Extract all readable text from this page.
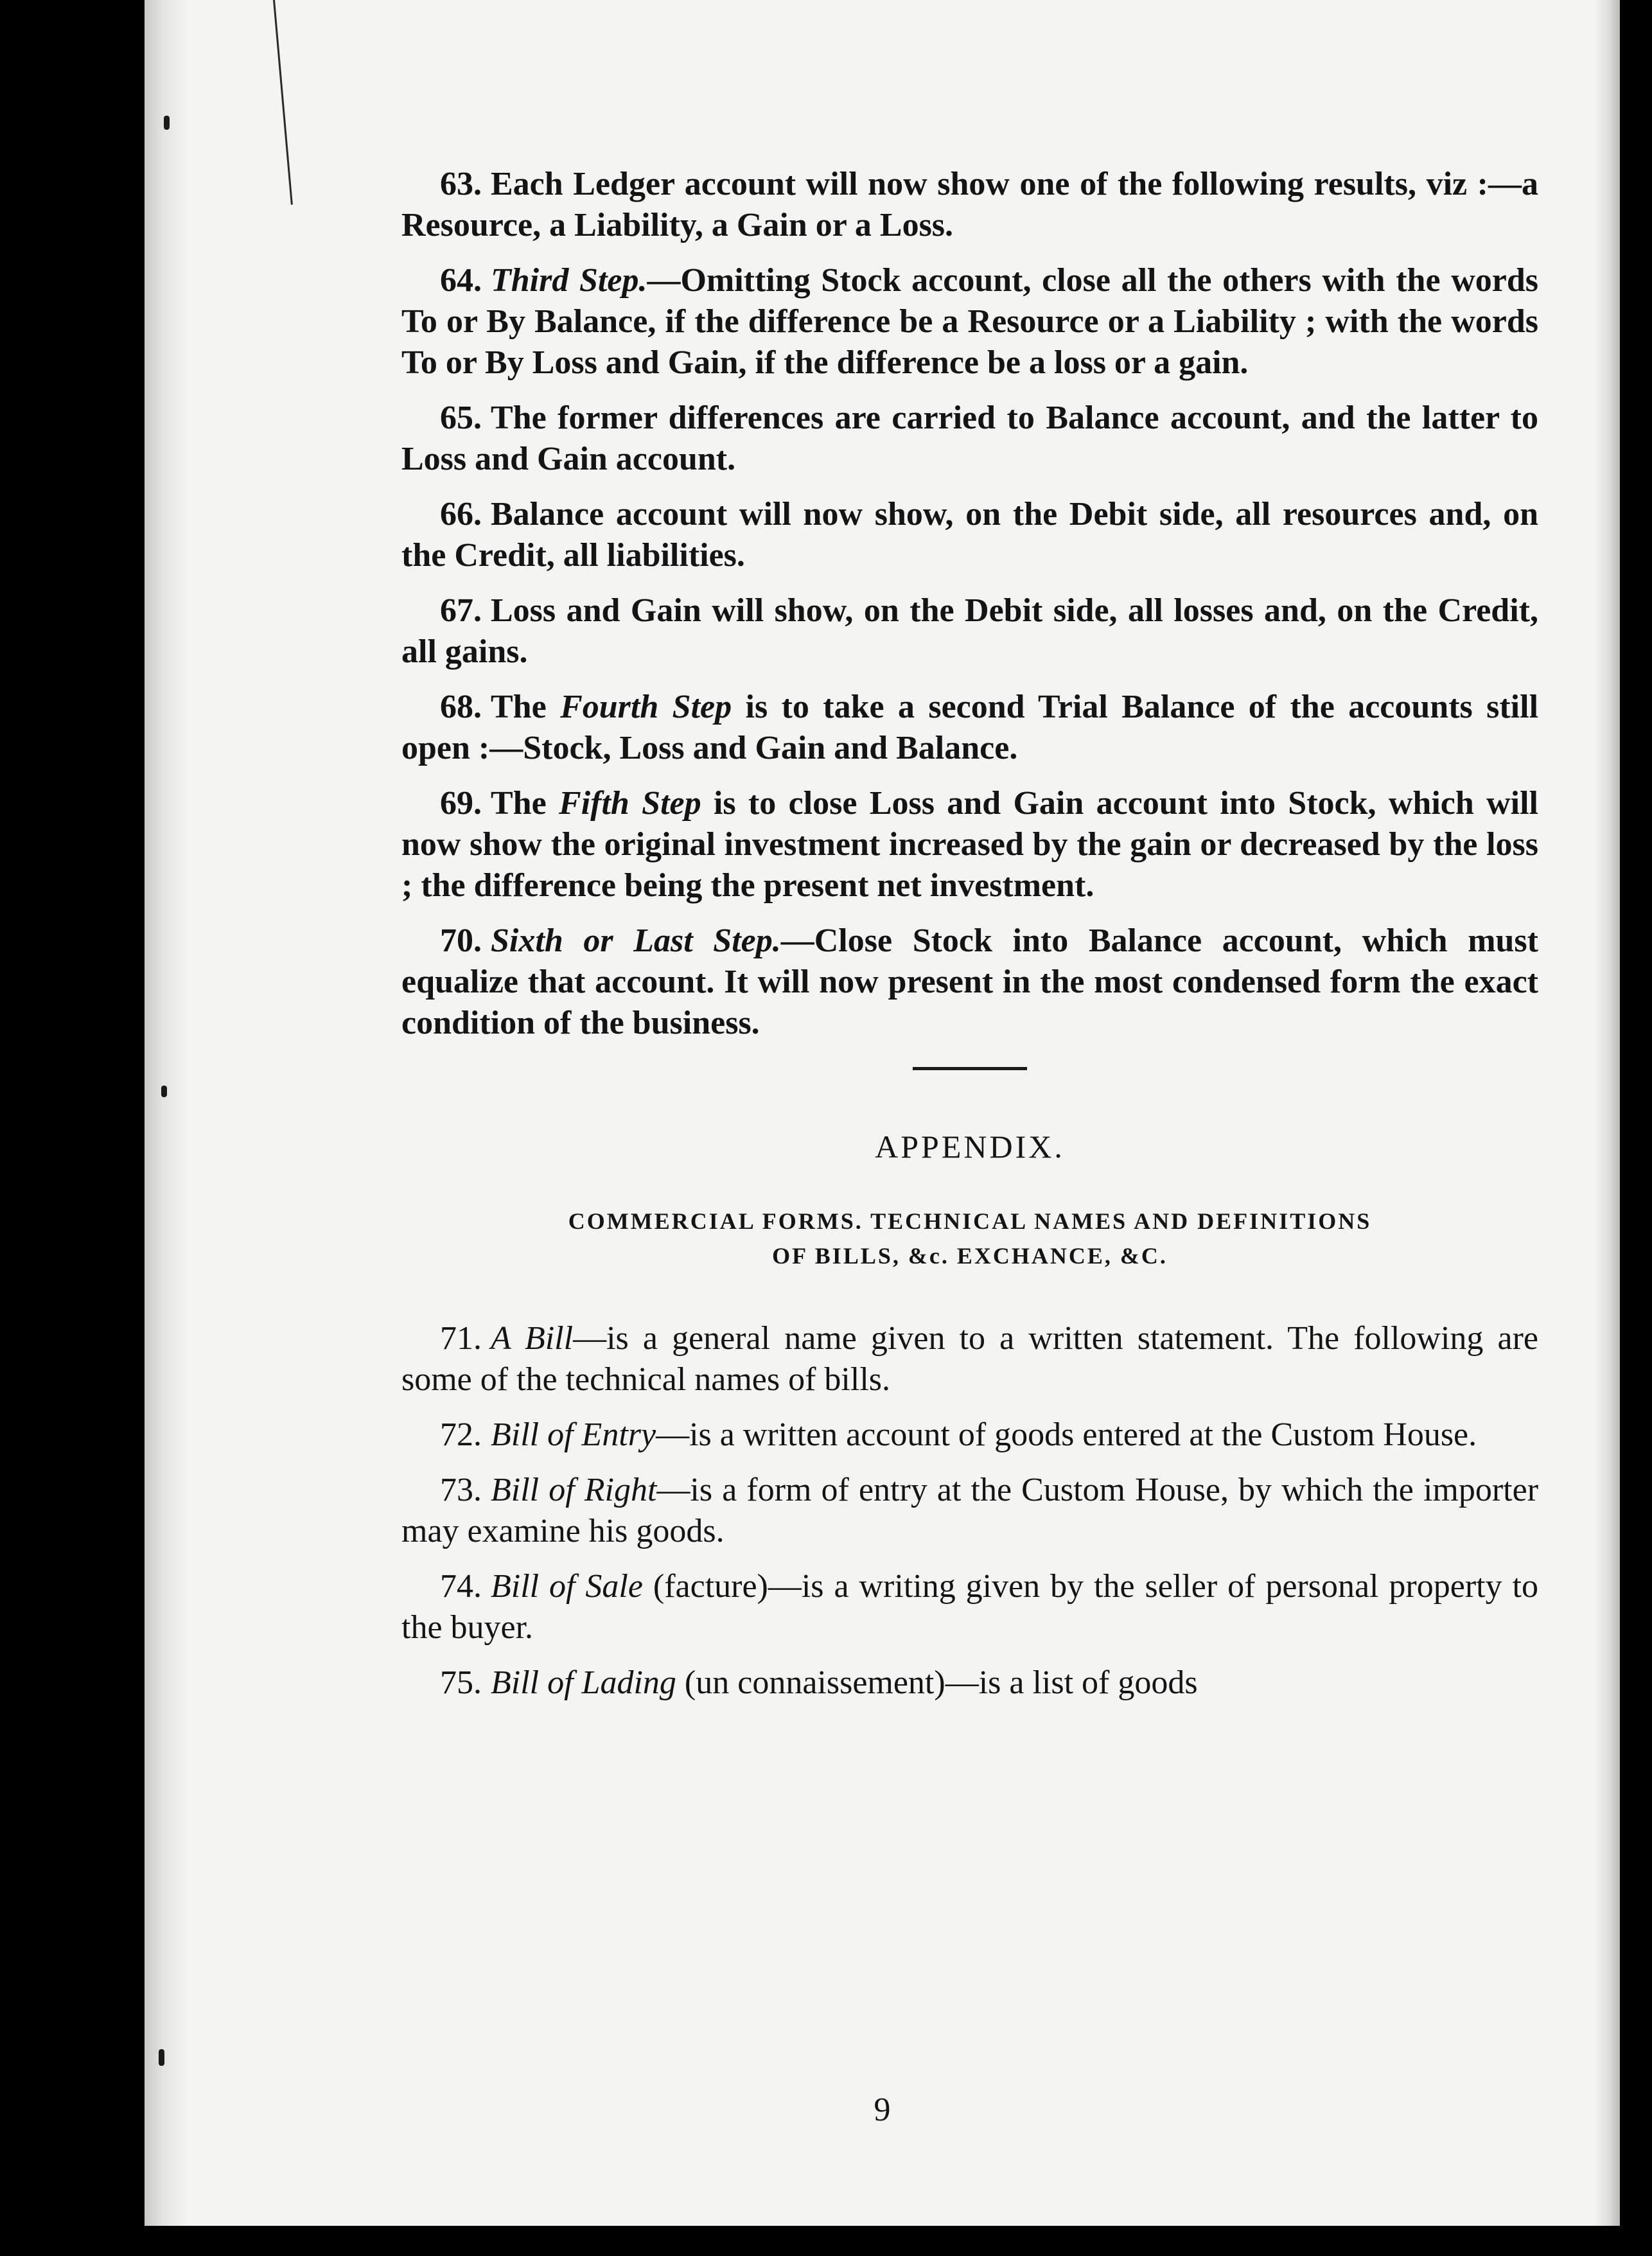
63. Each Ledger account will now show one of the following results, viz :—a Resource, a Liability, a Gain or a Loss.

64. Third Step.—Omitting Stock account, close all the others with the words To or By Balance, if the difference be a Resource or a Liability ; with the words To or By Loss and Gain, if the difference be a loss or a gain.

65. The former differences are carried to Balance account, and the latter to Loss and Gain account.

66. Balance account will now show, on the Debit side, all resources and, on the Credit, all liabilities.

67. Loss and Gain will show, on the Debit side, all losses and, on the Credit, all gains.

68. The Fourth Step is to take a second Trial Balance of the accounts still open :—Stock, Loss and Gain and Balance.

69. The Fifth Step is to close Loss and Gain account into Stock, which will now show the original investment increased by the gain or decreased by the loss ; the difference being the present net investment.

70. Sixth or Last Step.—Close Stock into Balance account, which must equalize that account. It will now present in the most condensed form the exact condition of the business.

APPENDIX.
COMMERCIAL FORMS. TECHNICAL NAMES AND DEFINITIONS
OF BILLS, &c. EXCHANCE, &C.

71. A Bill—is a general name given to a written statement. The following are some of the technical names of bills.

72. Bill of Entry—is a written account of goods entered at the Custom House.

73. Bill of Right—is a form of entry at the Custom House, by which the importer may examine his goods.

74. Bill of Sale (facture)—is a writing given by the seller of personal property to the buyer.

75. Bill of Lading (un connaissement)—is a list of goods

9
